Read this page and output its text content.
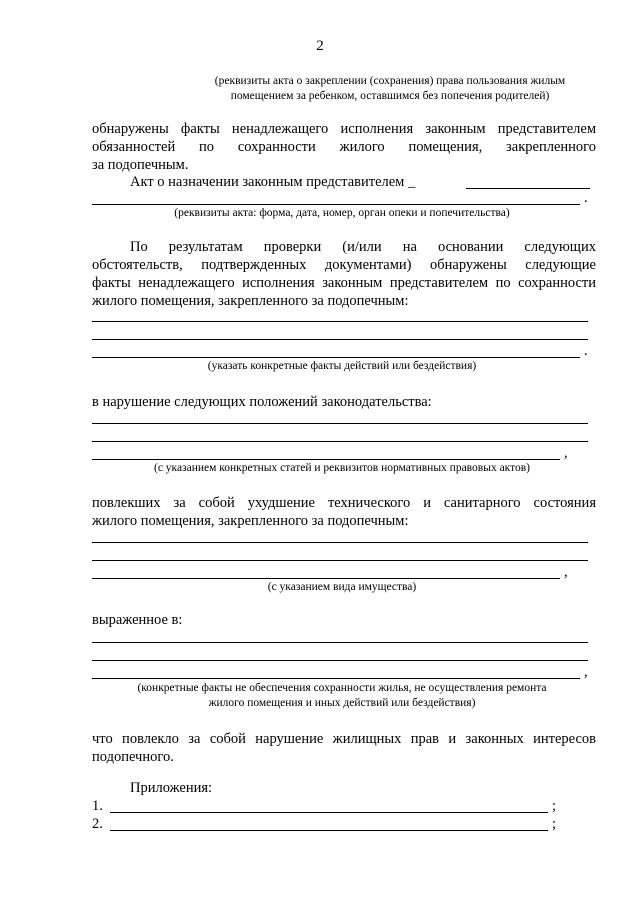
2
(реквизиты акта о закреплении (сохранения) права пользования жилым
помещением за ребенком, оставшимся без попечения родителей)
обнаружены факты ненадлежащего исполнения законным представителем
обязанностей по сохранности жилого помещения, закрепленного
за подопечным.
Акт о назначении законным представителем _
.
(реквизиты акта: форма, дата, номер, орган опеки и попечительства)
По результатам проверки (и/или на основании следующих
обстоятельств, подтвержденных документами) обнаружены следующие
факты ненадлежащего исполнения законным представителем по сохранности
жилого помещения, закрепленного за подопечным:
.
(указать конкретные факты действий или бездействия)
в нарушение следующих положений законодательства:
,
(с указанием конкретных статей и реквизитов нормативных правовых актов)
повлекших за собой ухудшение технического и санитарного состояния
жилого помещения, закрепленного за подопечным:
,
(с указанием вида имущества)
выраженное в:
,
(конкретные факты не обеспечения сохранности жилья, не осуществления ремонта
жилого помещения и иных действий или бездействия)
что повлекло за собой нарушение жилищных прав и законных интересов
подопечного.
Приложения:
1.	;
2.	;
